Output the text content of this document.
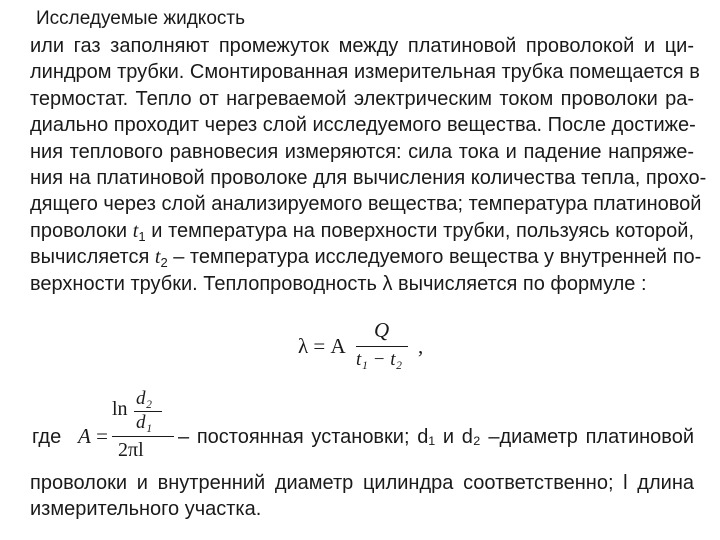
Исследуемые жидкость
или газ заполняют промежуток между платиновой проволокой и ци-
линдром трубки. Смонтированная измерительная трубка помещается в
термостат. Тепло от нагреваемой электрическим током проволоки ра-
диально проходит через слой исследуемого вещества. После достиже-
ния теплового равновесия измеряются: сила тока и падение напряже-
ния на платиновой проволоке для вычисления количества тепла, прохо-
дящего через слой анализируемого вещества; температура платиновой
проволоки $t_1$ и температура на поверхности трубки, пользуясь которой,
вычисляется $t_2$ – температура исследуемого вещества у внутренней по-
верхности трубки. Теплопроводность λ вычисляется по формуле :
λ = A
Q
t₁ − t₂
,
где A =
ln d₂
d₁
2πl
– постоянная установки; d₁ и d₂ –диаметр платиновой
проволоки и внутренний диаметр цилиндра соответственно; l длина
измерительного участка.
